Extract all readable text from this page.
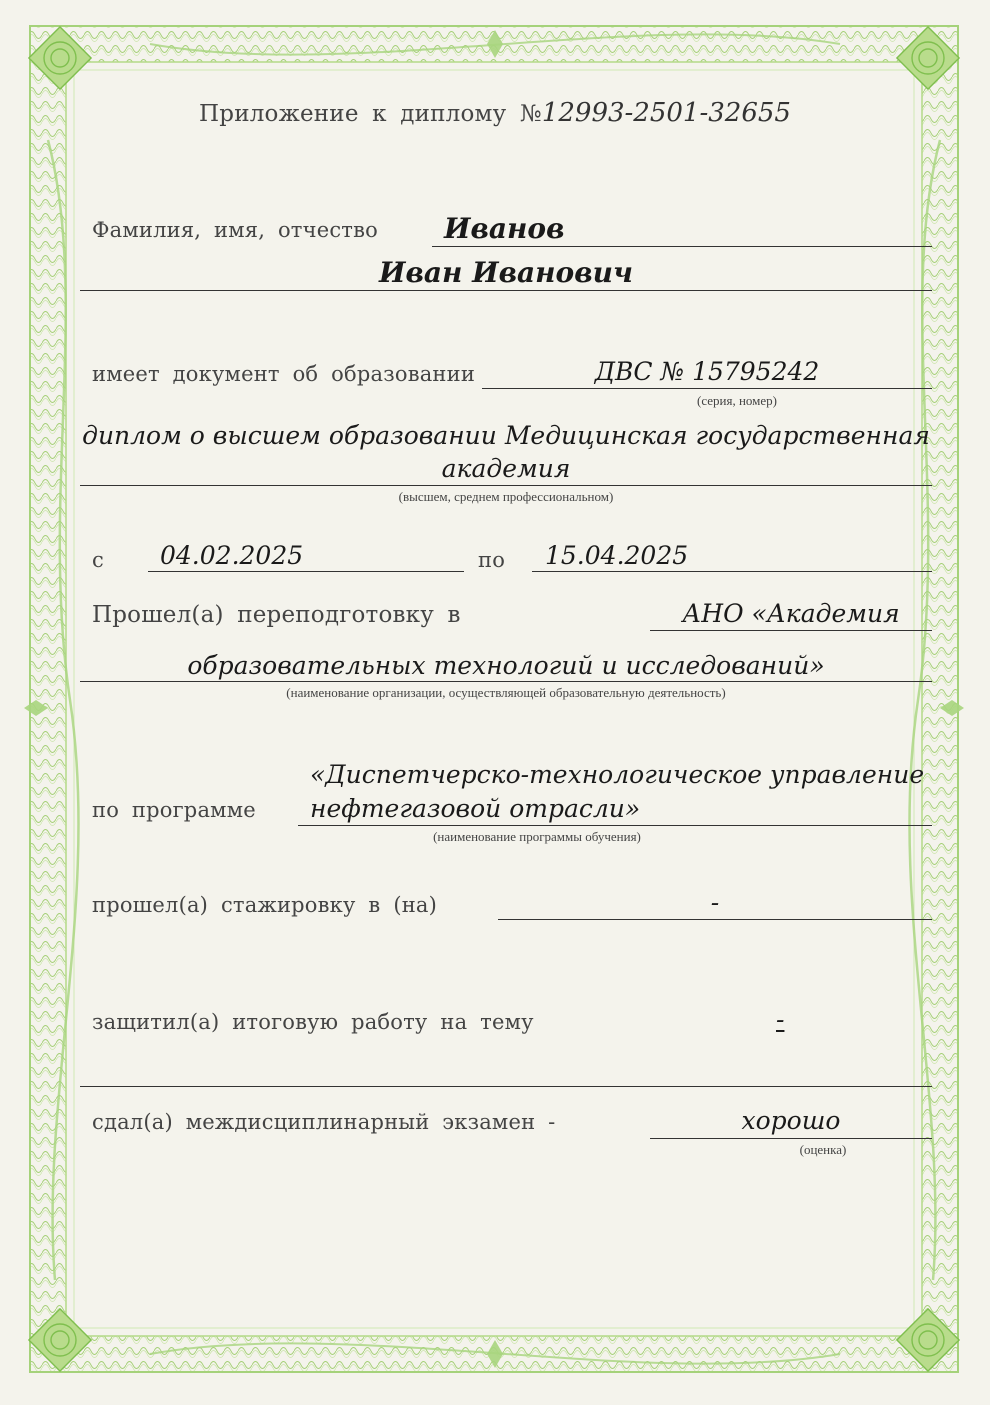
Приложение к диплому №12993-2501-32655
Фамилия, имя, отчество Иванов
Иван Иванович
имеет документ об образовании	ДВС № 15795242
(серия, номер)
диплом о высшем образовании Медицинская государственная
академия
(высшем, среднем профессиональном)
с 04.02.2025	по 15.04.2025
Прошел(а) переподготовку в	АНО «Академия
образовательных технологий и исследований»
(наименование организации, осуществляющей образовательную деятельность)
по программе
«Диспетчерско-технологическое управление
нефтегазовой отрасли»
(наименование программы обучения)
прошел(а) стажировку в (на)	-
защитил(а) итоговую работу на тему	-
сдал(а) междисциплинарный экзамен -	хорошо
(оценка)
